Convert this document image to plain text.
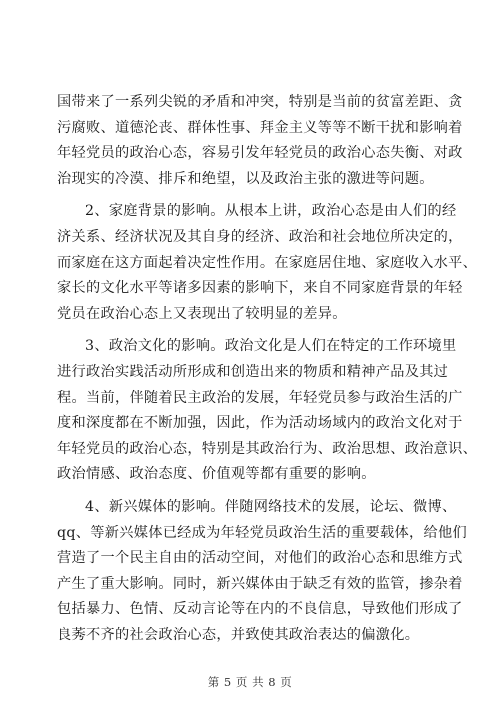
国带来了一系列尖锐的矛盾和冲突，特别是当前的贫富差距、贪
污腐败、道德沦丧、群体性事、拜金主义等等不断干扰和影响着
年轻党员的政治心态，容易引发年轻党员的政治心态失衡、对政
治现实的冷漠、排斥和绝望，以及政治主张的激进等问题。

2、家庭背景的影响。从根本上讲，政治心态是由人们的经
济关系、经济状况及其自身的经济、政治和社会地位所决定的，
而家庭在这方面起着决定性作用。在家庭居住地、家庭收入水平、
家长的文化水平等诸多因素的影响下，来自不同家庭背景的年轻
党员在政治心态上又表现出了较明显的差异。

3、政治文化的影响。政治文化是人们在特定的工作环境里
进行政治实践活动所形成和创造出来的物质和精神产品及其过
程。当前，伴随着民主政治的发展，年轻党员参与政治生活的广
度和深度都在不断加强，因此，作为活动场域内的政治文化对于
年轻党员的政治心态，特别是其政治行为、政治思想、政治意识、
政治情感、政治态度、价值观等都有重要的影响。

4、新兴媒体的影响。伴随网络技术的发展，论坛、微博、
qq、等新兴媒体已经成为年轻党员政治生活的重要载体，给他们
营造了一个民主自由的活动空间，对他们的政治心态和思维方式
产生了重大影响。同时，新兴媒体由于缺乏有效的监管，掺杂着
包括暴力、色情、反动言论等在内的不良信息，导致他们形成了
良莠不齐的社会政治心态，并致使其政治表达的偏激化。

第 5 页 共 8 页
